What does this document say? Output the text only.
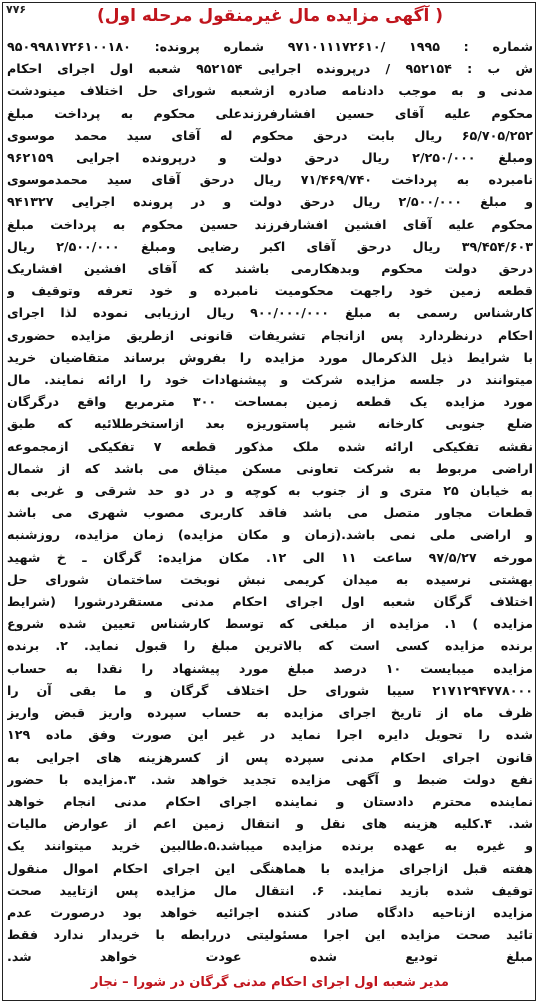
۷۷۶	(آگهی مزایده مال غیرمنقول مرحله اول )
شماره : ۱۹۹۵ /۹۷۱۰۱۱۱۷۲۶۱۰ شماره پرونده: ۹۵۰۹۹۸۱۷۲۶۱۰۰۱۸۰
ش ب : ۹۵۲۱۵۴ / درپرونده اجرایی ۹۵۲۱۵۴ شعبه اول اجرای احکام
مدنی و به موجب دادنامه صادره ازشعبه شورای حل اختلاف مینودشت
محکوم علیه آقای حسین افشارفرزندعلی محکوم به پرداخت مبلغ
۶۵/۷۰۵/۲۵۲ ریال بابت درحق محکوم له آقای سید محمد موسوی
ومبلغ ۲/۲۵۰/۰۰۰ ریال درحق دولت و درپرونده اجرایی ۹۶۲۱۵۹
نامبرده به پرداخت ۷۱/۴۶۹/۷۴۰ ریال درحق آقای سید محمدموسوی
و مبلغ ۲/۵۰۰/۰۰۰ ریال درحق دولت و در پرونده اجرایی ۹۴۱۳۲۷
محکوم علیه آقای افشین افشارفرزند حسین محکوم به پرداخت مبلغ
۳۹/۴۵۴/۶۰۳ ریال درحق آقای اکبر رضایی ومبلغ ۲/۵۰۰/۰۰۰ ریال
درحق دولت محکوم وبدهکارمی باشند که آقای افشین افشاریک
قطعه زمین خود راجهت محکومیت نامبرده و خود تعرفه وتوقیف و
کارشناس رسمی به مبلغ ۹۰۰/۰۰۰/۰۰۰ ریال ارزیابی نموده لذا اجرای
احکام درنظردارد پس ازانجام تشریفات قانونی ازطریق مزایده حضوری
با شرایط ذیل الذکرمال مورد مزایده را بفروش برساند متقاضیان خرید
میتوانند در جلسه مزایده شرکت و پیشنهادات خود را ارائه نمایند. مال
مورد مزایده یک قطعه زمین بمساحت ۳۰۰ مترمربع واقع درگرگان
ضلع جنوبی کارخانه شیر پاستوریزه بعد ازاستخرطلائیه که طبق
نقشه تفکیکی ارائه شده ملک مذکور قطعه ۷ تفکیکی ازمجموعه
اراضی مربوط به شرکت تعاونی مسکن میثاق می باشد که از شمال
به خیابان ۲۵ متری و از جنوب به کوچه و در دو حد شرقی و غربی به
قطعات مجاور متصل می باشد فاقد کاربری مصوب شهری می باشد
و اراضی ملی نمی باشد.(زمان و مکان مزایده) زمان مزایده، روزشنبه
مورخه ۹۷/۵/۲۷ ساعت ۱۱ الی ۱۲. مکان مزایده: گرگان ـ خ شهید
بهشتی نرسیده به میدان کریمی نبش نوبخت ساختمان شورای حل
اختلاف گرگان شعبه اول اجرای احکام مدنی مستقردرشورا (شرایط
مزایده ) ۱. مزایده از مبلغی که توسط کارشناس تعیین شده شروع
برنده مزایده کسی است که بالاترین مبلغ را قبول نماید. ۲. برنده
مزایده میبایست ۱۰ درصد مبلغ مورد پیشنهاد را نقدا به حساب
۲۱۷۱۲۹۴۷۷۸۰۰۰ سیبا شورای حل اختلاف گرگان و ما بقی آن را
ظرف ماه از تاریخ اجرای مزایده به حساب سپرده واریز قبض واریز
شده را تحویل دایره اجرا نماید در غیر این صورت وفق ماده ۱۲۹
قانون اجرای احکام مدنی سپرده پس از کسرهزینه های اجرایی به
نفع دولت ضبط و آگهی مزایده تجدید خواهد شد. ۳.مزایده با حضور
نماینده محترم دادستان و نماینده اجرای احکام مدنی انجام خواهد
شد. ۴.کلیه هزینه های نقل و انتقال زمین اعم از عوارض مالیات
و غیره به عهده برنده مزایده میباشد.۵.طالبین خرید میتوانند یک
هفته قبل ازاجرای مزایده با هماهنگی این اجرای احکام اموال منقول
توقیف شده بازید نمایند. ۶. انتقال مال مزایده پس ازتایید صحت
مزایده ازناحیه دادگاه صادر کننده اجرائیه خواهد بود درصورت عدم
تائید صحت مزایده این اجرا مسئولیتی دررابطه با خریدار ندارد فقط
مبلغ تودیع شده عودت خواهد شد.
مدیر شعبه اول اجرای احکام مدنی گرگان در شورا – نجار
